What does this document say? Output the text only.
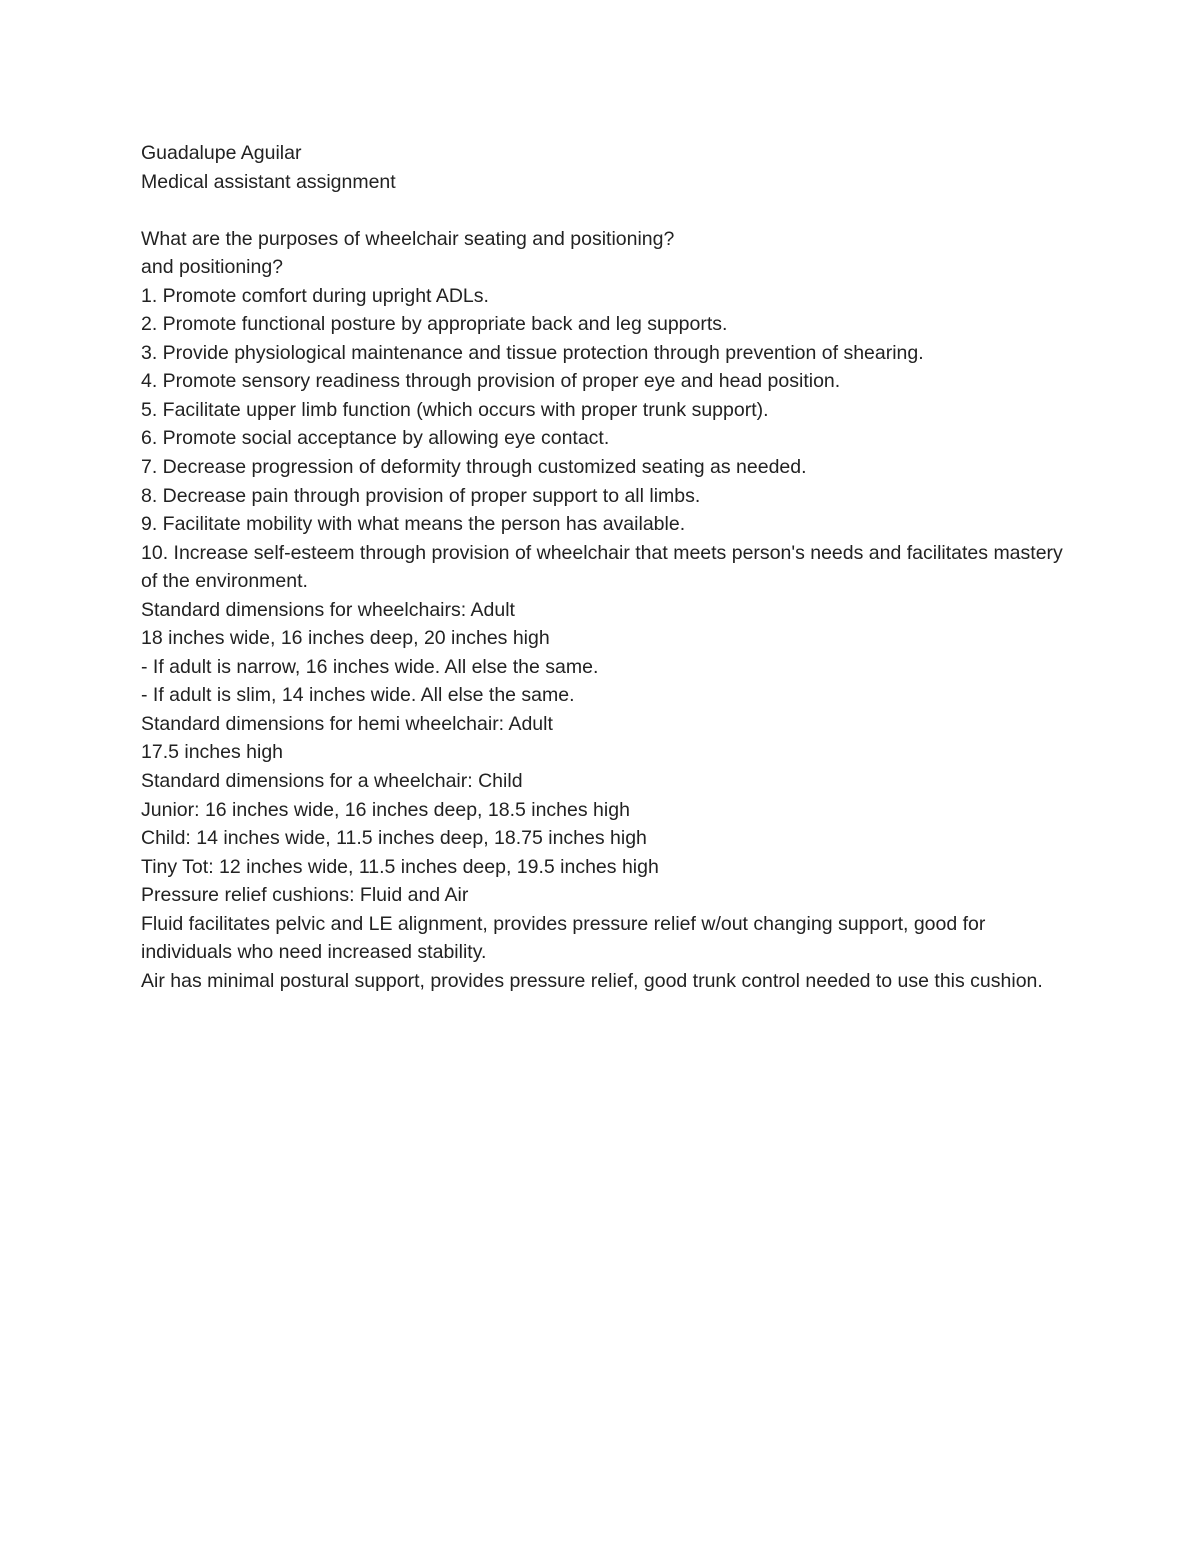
Guadalupe Aguilar
Medical assistant assignment
What are the purposes of wheelchair seating and positioning?
and positioning?
1. Promote comfort during upright ADLs.
2. Promote functional posture by appropriate back and leg supports.
3. Provide physiological maintenance and tissue protection through prevention of shearing.
4. Promote sensory readiness through provision of proper eye and head position.
5. Facilitate upper limb function (which occurs with proper trunk support).
6. Promote social acceptance by allowing eye contact.
7. Decrease progression of deformity through customized seating as needed.
8. Decrease pain through provision of proper support to all limbs.
9. Facilitate mobility with what means the person has available.
10. Increase self-esteem through provision of wheelchair that meets person's needs and facilitates mastery of the environment.
Standard dimensions for wheelchairs: Adult
18 inches wide, 16 inches deep, 20 inches high
- If adult is narrow, 16 inches wide. All else the same.
- If adult is slim, 14 inches wide. All else the same.
Standard dimensions for hemi wheelchair: Adult
17.5 inches high
Standard dimensions for a wheelchair: Child
Junior: 16 inches wide, 16 inches deep, 18.5 inches high
Child: 14 inches wide, 11.5 inches deep, 18.75 inches high
Tiny Tot: 12 inches wide, 11.5 inches deep, 19.5 inches high
Pressure relief cushions: Fluid and Air
Fluid facilitates pelvic and LE alignment, provides pressure relief w/out changing support, good for individuals who need increased stability.
Air has minimal postural support, provides pressure relief, good trunk control needed to use this cushion.
